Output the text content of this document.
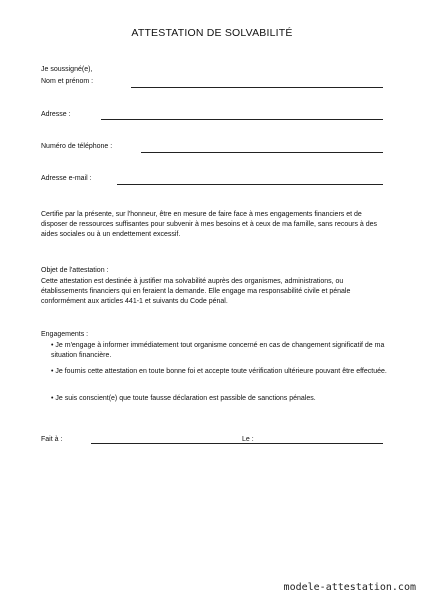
ATTESTATION DE SOLVABILITÉ
Je soussigné(e),
Nom et prénom :
Adresse :
Numéro de téléphone :
Adresse e-mail :
Certifie par la présente, sur l'honneur, être en mesure de faire face à mes engagements financiers et de disposer de ressources suffisantes pour subvenir à mes besoins et à ceux de ma famille, sans recours à des aides sociales ou à un endettement excessif.
Objet de l'attestation :
Cette attestation est destinée à justifier ma solvabilité auprès des organismes, administrations, ou établissements financiers qui en feraient la demande. Elle engage ma responsabilité civile et pénale conformément aux articles 441-1 et suivants du Code pénal.
Engagements :
• Je m'engage à informer immédiatement tout organisme concerné en cas de changement significatif de ma situation financière.
• Je fournis cette attestation en toute bonne foi et accepte toute vérification ultérieure pouvant être effectuée.
• Je suis conscient(e) que toute fausse déclaration est passible de sanctions pénales.
Fait à :	Le :
modele-attestation.com
